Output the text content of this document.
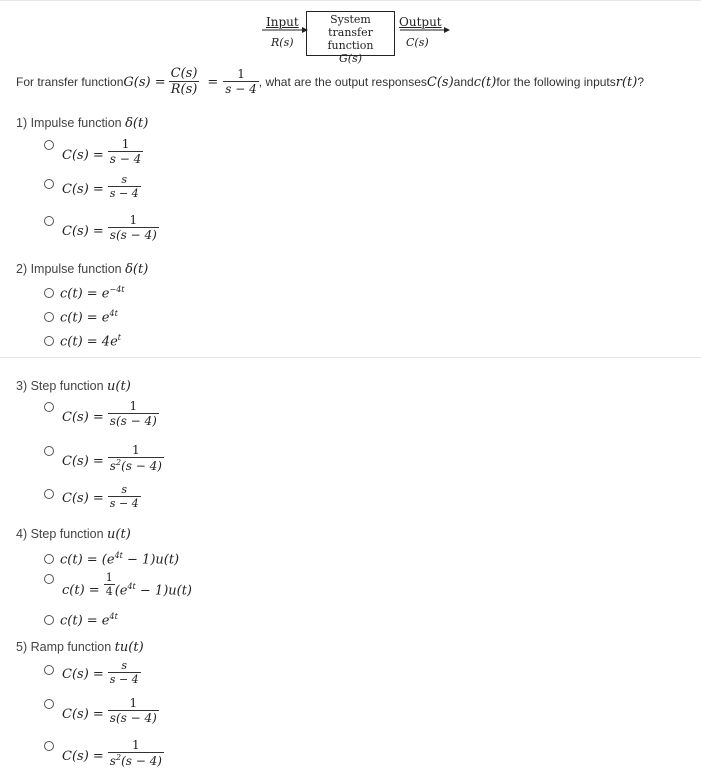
Input
R(s)
System
transfer function
G(s)
Output
C(s)
For transfer function $G(s) = \frac{C(s)}{R(s)} = \frac{1}{s - 4}$ , what are the output responses C(s) and c(t) for the following inputs r(t) ?
1) Impulse function δ(t)
$C(s) = \frac{1}{s - 4}$
$C(s) = \frac{s}{s - 4}$
$C(s) = \frac{1}{s(s - 4)}$
2) Impulse function δ(t)
$c(t) = e^{-4t}$
$c(t) = e^{4t}$
$c(t) = 4e^t$
3) Step function u(t)
$C(s) = \frac{1}{s(s - 4)}$
$C(s) = \frac{1}{s^2(s - 4)}$
$C(s) = \frac{s}{s - 4}$
4) Step function u(t)
$c(t) = (e^{4t} - 1)u(t)$
$c(t) = \frac{1}{4} (e^{4t} - 1)u(t)$
$c(t) = e^{4t}$
5) Ramp function tu(t)
$C(s) = \frac{s}{s - 4}$
$C(s) = \frac{1}{s(s - 4)}$
$C(s) = \frac{1}{s^2(s - 4)}$
